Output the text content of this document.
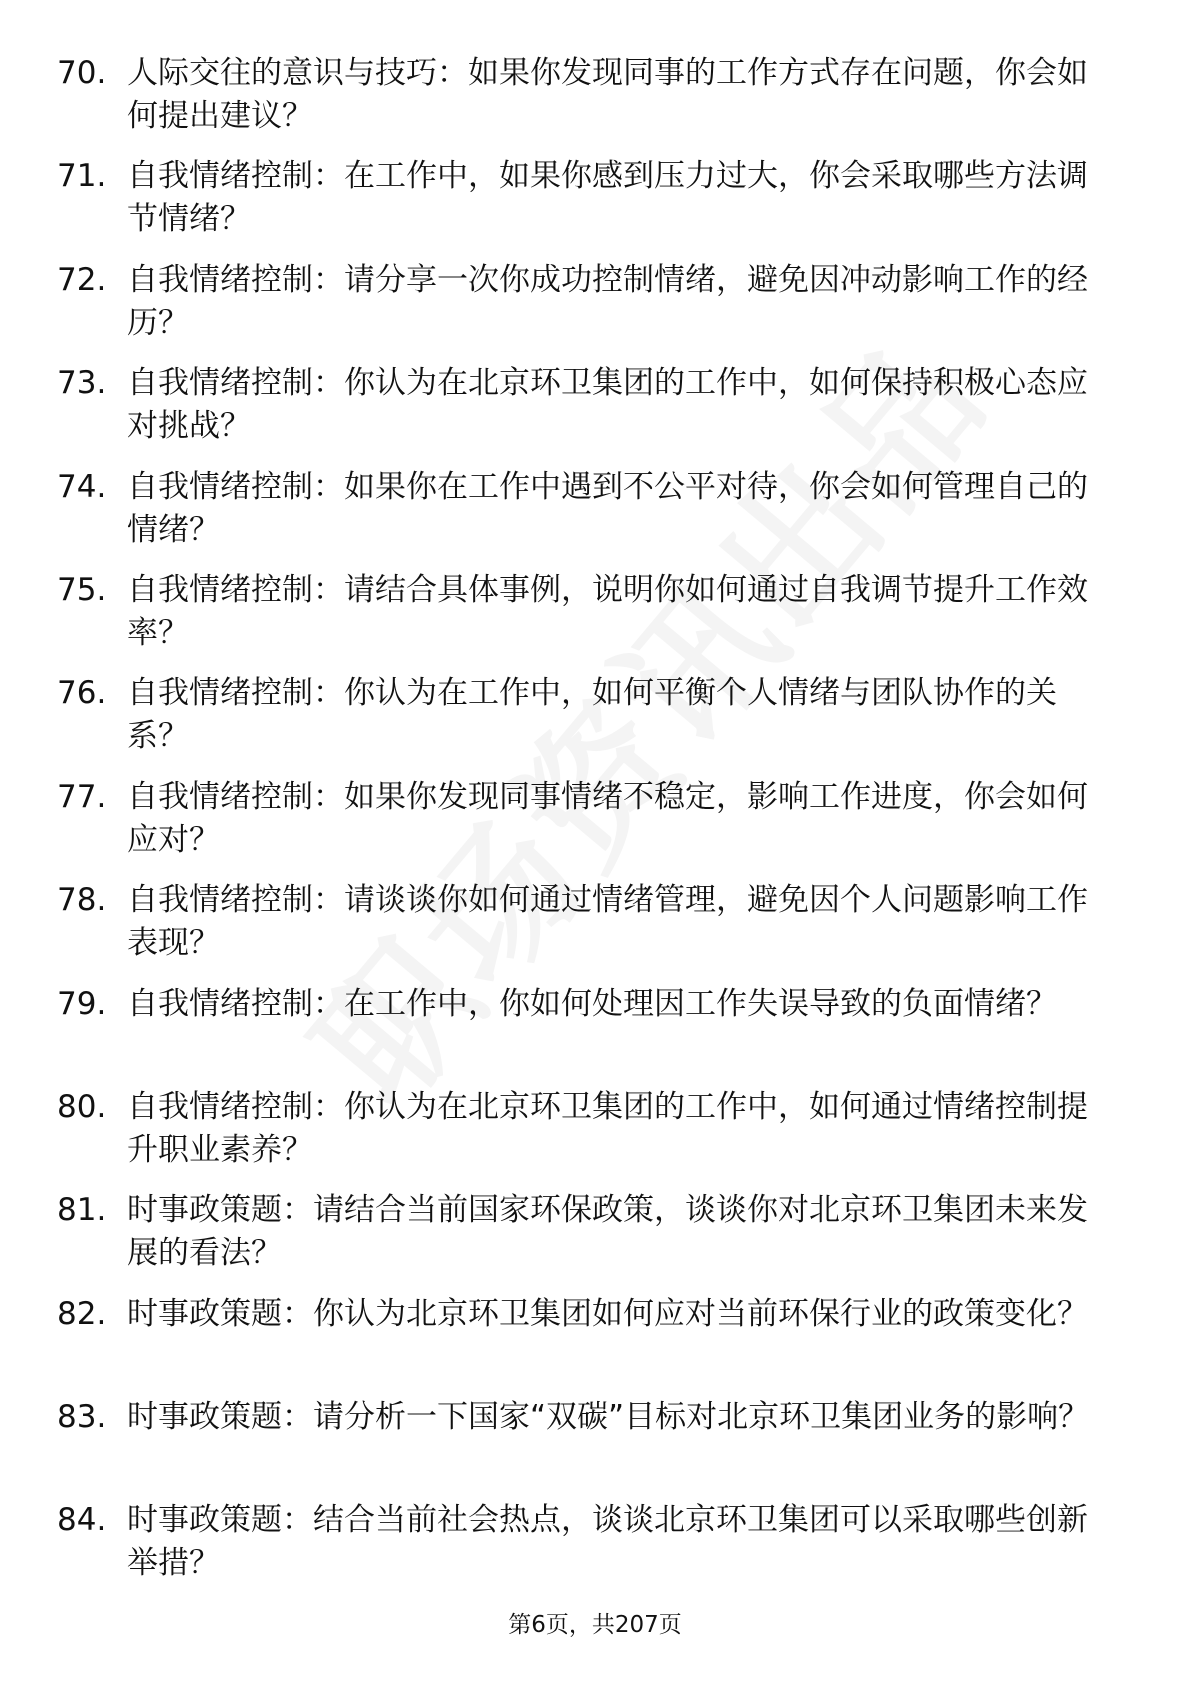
70. 人际交往的意识与技巧：如果你发现同事的工作方式存在问题，你会如何提出建议？
71. 自我情绪控制：在工作中，如果你感到压力过大，你会采取哪些方法调节情绪？
72. 自我情绪控制：请分享一次你成功控制情绪，避免因冲动影响工作的经历？
73. 自我情绪控制：你认为在北京环卫集团的工作中，如何保持积极心态应对挑战？
74. 自我情绪控制：如果你在工作中遇到不公平对待，你会如何管理自己的情绪？
75. 自我情绪控制：请结合具体事例，说明你如何通过自我调节提升工作效率？
76. 自我情绪控制：你认为在工作中，如何平衡个人情绪与团队协作的关系？
77. 自我情绪控制：如果你发现同事情绪不稳定，影响工作进度，你会如何应对？
78. 自我情绪控制：请谈谈你如何通过情绪管理，避免因个人问题影响工作表现？
79. 自我情绪控制：在工作中，你如何处理因工作失误导致的负面情绪？
80. 自我情绪控制：你认为在北京环卫集团的工作中，如何通过情绪控制提升职业素养？
81. 时事政策题：请结合当前国家环保政策，谈谈你对北京环卫集团未来发展的看法？
82. 时事政策题：你认为北京环卫集团如何应对当前环保行业的政策变化？
83. 时事政策题：请分析一下国家“双碳”目标对北京环卫集团业务的影响？
84. 时事政策题：结合当前社会热点，谈谈北京环卫集团可以采取哪些创新举措？
第6页，共207页
